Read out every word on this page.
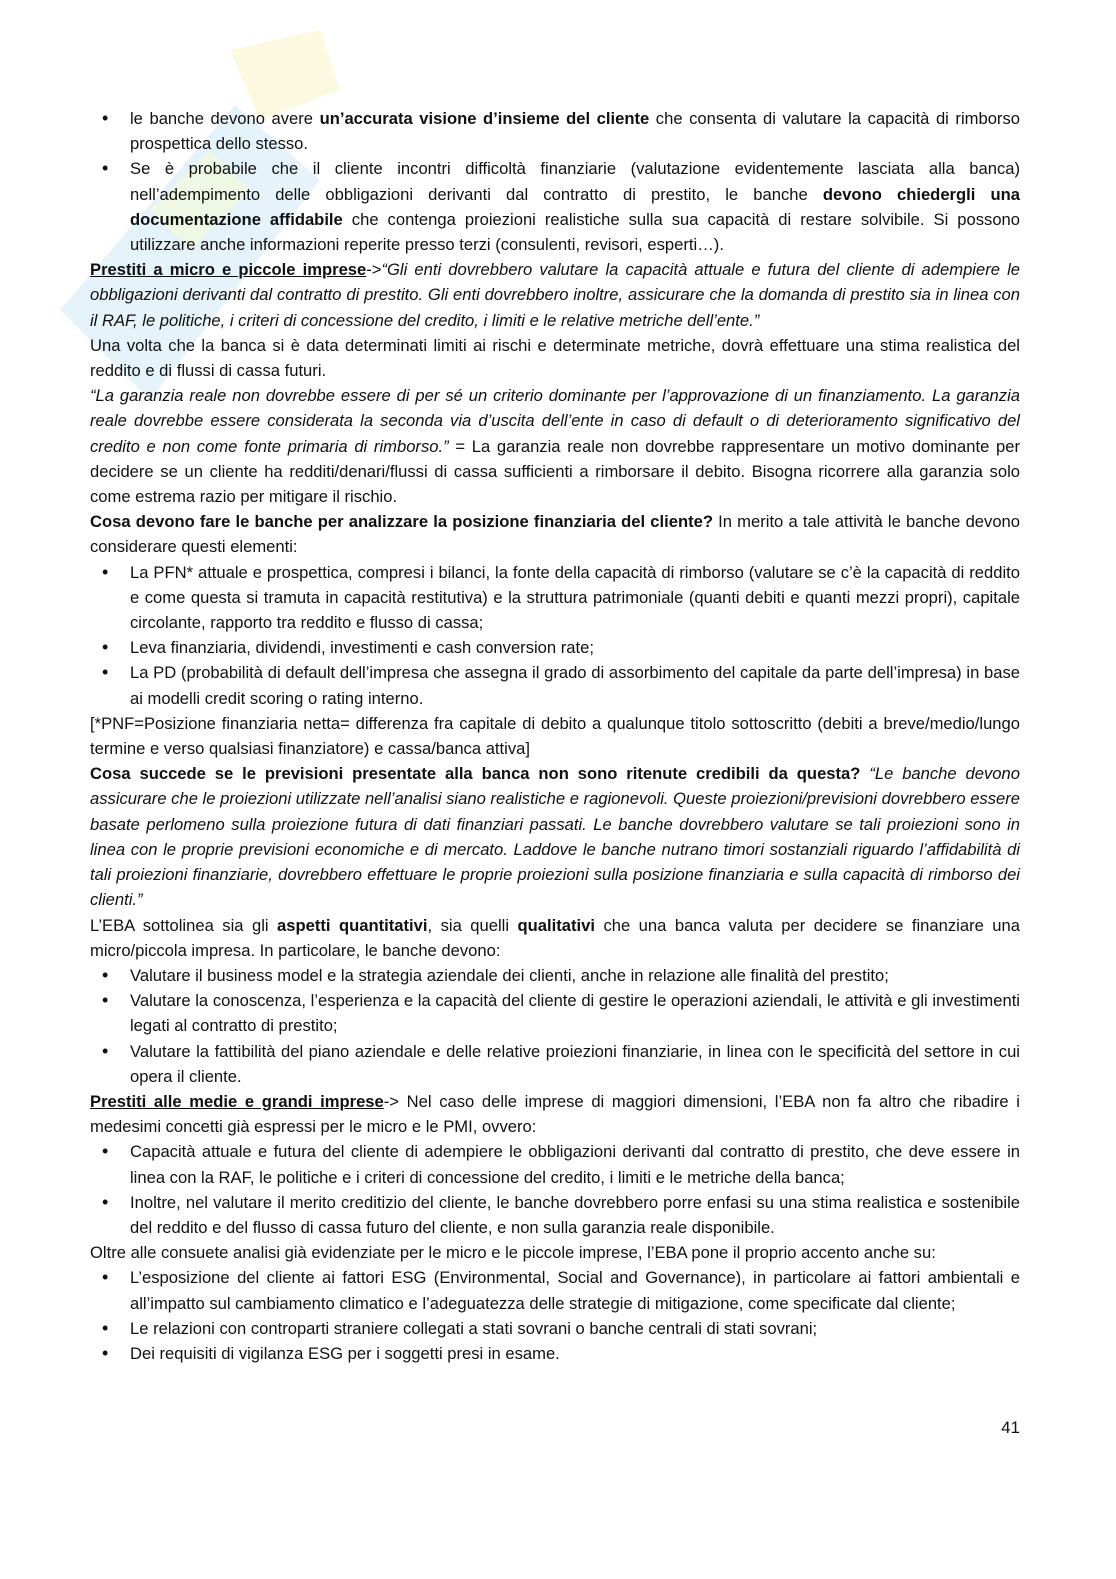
• le banche devono avere un’accurata visione d’insieme del cliente che consenta di valutare la capacità di rimborso prospettica dello stesso.
• Se è probabile che il cliente incontri difficoltà finanziarie (valutazione evidentemente lasciata alla banca) nell’adempimento delle obbligazioni derivanti dal contratto di prestito, le banche devono chiedergli una documentazione affidabile che contenga proiezioni realistiche sulla sua capacità di restare solvibile. Si possono utilizzare anche informazioni reperite presso terzi (consulenti, revisori, esperti…).

Prestiti a micro e piccole imprese->“Gli enti dovrebbero valutare la capacità attuale e futura del cliente di adempiere le obbligazioni derivanti dal contratto di prestito. Gli enti dovrebbero inoltre, assicurare che la domanda di prestito sia in linea con il RAF, le politiche, i criteri di concessione del credito, i limiti e le relative metriche dell’ente.”

Una volta che la banca si è data determinati limiti ai rischi e determinate metriche, dovrà effettuare una stima realistica del reddito e di flussi di cassa futuri.

“La garanzia reale non dovrebbe essere di per sé un criterio dominante per l’approvazione di un finanziamento. La garanzia reale dovrebbe essere considerata la seconda via d’uscita dell’ente in caso di default o di deterioramento significativo del credito e non come fonte primaria di rimborso.” = La garanzia reale non dovrebbe rappresentare un motivo dominante per decidere se un cliente ha redditi/denari/flussi di cassa sufficienti a rimborsare il debito. Bisogna ricorrere alla garanzia solo come estrema razio per mitigare il rischio.

Cosa devono fare le banche per analizzare la posizione finanziaria del cliente? In merito a tale attività le banche devono considerare questi elementi:

• La PFN* attuale e prospettica, compresi i bilanci, la fonte della capacità di rimborso (valutare se c’è la capacità di reddito e come questa si tramuta in capacità restitutiva) e la struttura patrimoniale (quanti debiti e quanti mezzi propri), capitale circolante, rapporto tra reddito e flusso di cassa;
• Leva finanziaria, dividendi, investimenti e cash conversion rate;
• La PD (probabilità di default dell’impresa che assegna il grado di assorbimento del capitale da parte dell’impresa) in base ai modelli credit scoring o rating interno.

[*PNF=Posizione finanziaria netta= differenza fra capitale di debito a qualunque titolo sottoscritto (debiti a breve/medio/lungo termine e verso qualsiasi finanziatore) e cassa/banca attiva]

Cosa succede se le previsioni presentate alla banca non sono ritenute credibili da questa? “Le banche devono assicurare che le proiezioni utilizzate nell’analisi siano realistiche e ragionevoli. Queste proiezioni/previsioni dovrebbero essere basate perlomeno sulla proiezione futura di dati finanziari passati. Le banche dovrebbero valutare se tali proiezioni sono in linea con le proprie previsioni economiche e di mercato. Laddove le banche nutrano timori sostanziali riguardo l’affidabilità di tali proiezioni finanziarie, dovrebbero effettuare le proprie proiezioni sulla posizione finanziaria e sulla capacità di rimborso dei clienti.”

L’EBA sottolinea sia gli aspetti quantitativi, sia quelli qualitativi che una banca valuta per decidere se finanziare una micro/piccola impresa. In particolare, le banche devono:

• Valutare il business model e la strategia aziendale dei clienti, anche in relazione alle finalità del prestito;
• Valutare la conoscenza, l’esperienza e la capacità del cliente di gestire le operazioni aziendali, le attività e gli investimenti legati al contratto di prestito;
• Valutare la fattibilità del piano aziendale e delle relative proiezioni finanziarie, in linea con le specificità del settore in cui opera il cliente.

Prestiti alle medie e grandi imprese-> Nel caso delle imprese di maggiori dimensioni, l’EBA non fa altro che ribadire i medesimi concetti già espressi per le micro e le PMI, ovvero:

• Capacità attuale e futura del cliente di adempiere le obbligazioni derivanti dal contratto di prestito, che deve essere in linea con la RAF, le politiche e i criteri di concessione del credito, i limiti e le metriche della banca;
• Inoltre, nel valutare il merito creditizio del cliente, le banche dovrebbero porre enfasi su una stima realistica e sostenibile del reddito e del flusso di cassa futuro del cliente, e non sulla garanzia reale disponibile.

Oltre alle consuete analisi già evidenziate per le micro e le piccole imprese, l’EBA pone il proprio accento anche su:

• L’esposizione del cliente ai fattori ESG (Environmental, Social and Governance), in particolare ai fattori ambientali e all’impatto sul cambiamento climatico e l’adeguatezza delle strategie di mitigazione, come specificate dal cliente;
• Le relazioni con controparti straniere collegati a stati sovrani o banche centrali di stati sovrani;
• Dei requisiti di vigilanza ESG per i soggetti presi in esame.
41
